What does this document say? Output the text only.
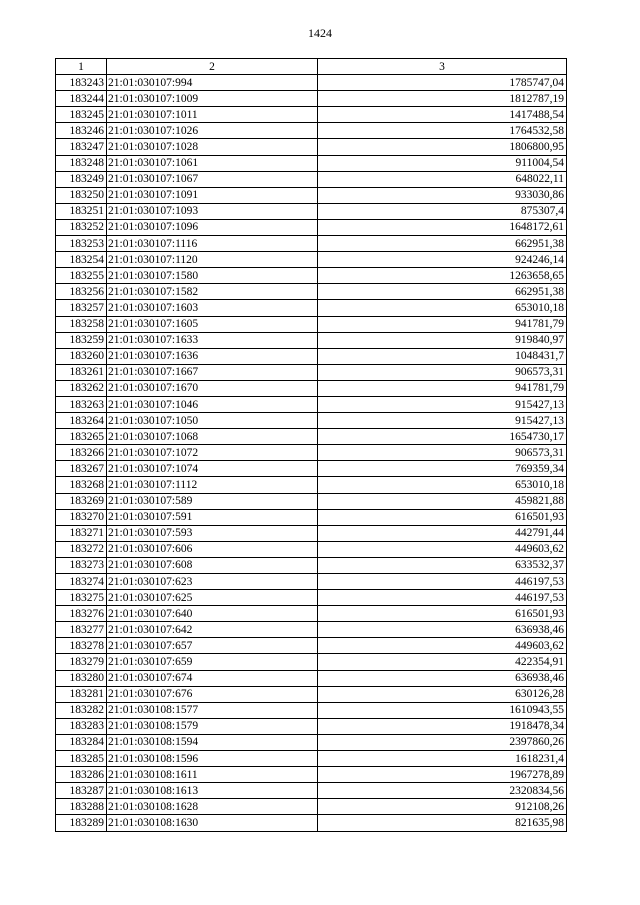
1424
1	2	3
183243	21:01:030107:994	1785747,04
183244	21:01:030107:1009	1812787,19
183245	21:01:030107:1011	1417488,54
183246	21:01:030107:1026	1764532,58
183247	21:01:030107:1028	1806800,95
183248	21:01:030107:1061	911004,54
183249	21:01:030107:1067	648022,11
183250	21:01:030107:1091	933030,86
183251	21:01:030107:1093	875307,4
183252	21:01:030107:1096	1648172,61
183253	21:01:030107:1116	662951,38
183254	21:01:030107:1120	924246,14
183255	21:01:030107:1580	1263658,65
183256	21:01:030107:1582	662951,38
183257	21:01:030107:1603	653010,18
183258	21:01:030107:1605	941781,79
183259	21:01:030107:1633	919840,97
183260	21:01:030107:1636	1048431,7
183261	21:01:030107:1667	906573,31
183262	21:01:030107:1670	941781,79
183263	21:01:030107:1046	915427,13
183264	21:01:030107:1050	915427,13
183265	21:01:030107:1068	1654730,17
183266	21:01:030107:1072	906573,31
183267	21:01:030107:1074	769359,34
183268	21:01:030107:1112	653010,18
183269	21:01:030107:589	459821,88
183270	21:01:030107:591	616501,93
183271	21:01:030107:593	442791,44
183272	21:01:030107:606	449603,62
183273	21:01:030107:608	633532,37
183274	21:01:030107:623	446197,53
183275	21:01:030107:625	446197,53
183276	21:01:030107:640	616501,93
183277	21:01:030107:642	636938,46
183278	21:01:030107:657	449603,62
183279	21:01:030107:659	422354,91
183280	21:01:030107:674	636938,46
183281	21:01:030107:676	630126,28
183282	21:01:030108:1577	1610943,55
183283	21:01:030108:1579	1918478,34
183284	21:01:030108:1594	2397860,26
183285	21:01:030108:1596	1618231,4
183286	21:01:030108:1611	1967278,89
183287	21:01:030108:1613	2320834,56
183288	21:01:030108:1628	912108,26
183289	21:01:030108:1630	821635,98
